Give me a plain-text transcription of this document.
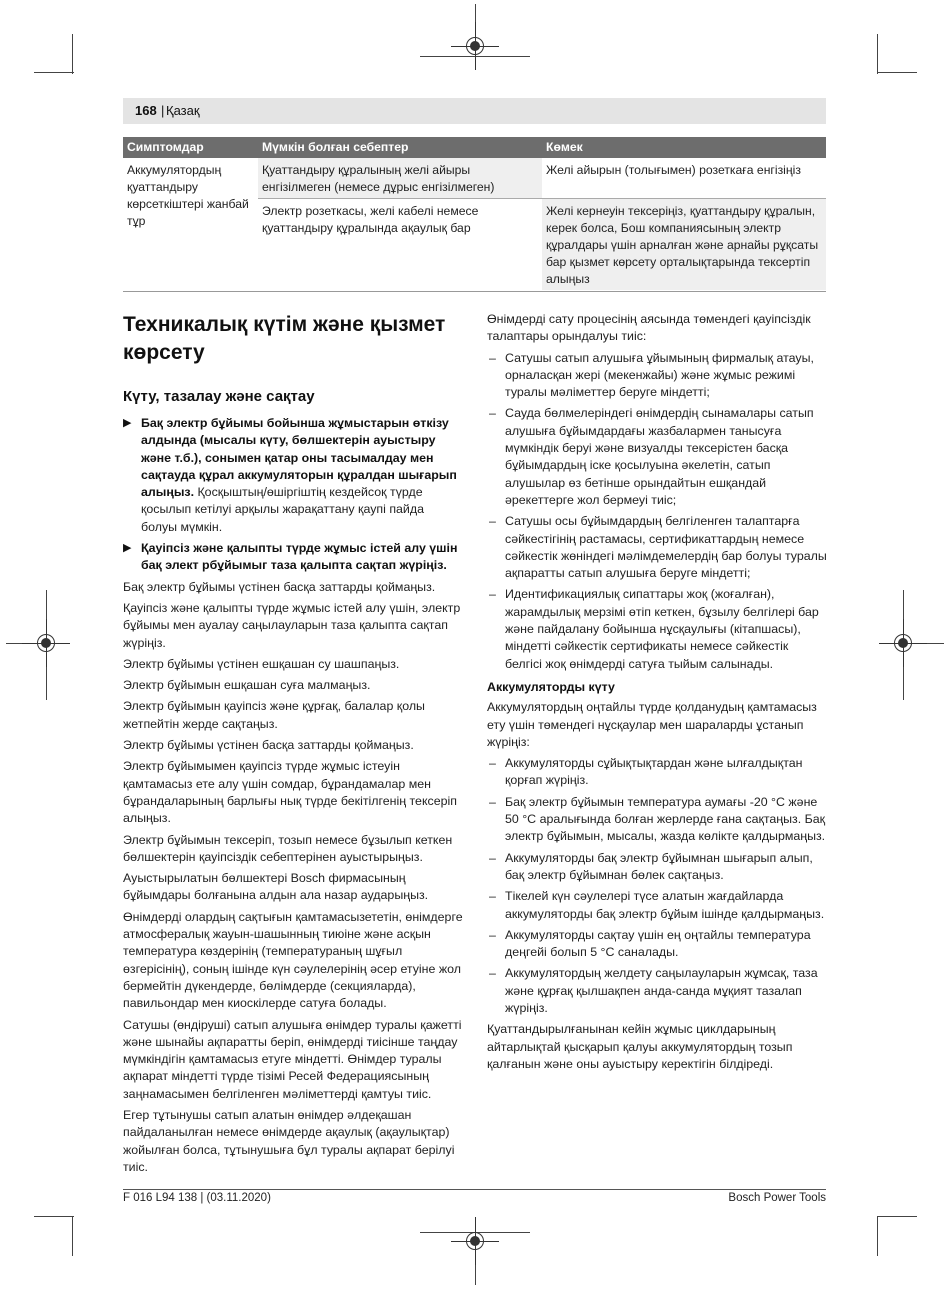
168 | Қазақ
Симптомдар	Мүмкін болған себептер	Көмек
Аккумулятордың қуаттандыру көрсеткіштері жанбай тұр	Қуаттандыру құралының желі айыры енгізілмеген (немесе дұрыс енгізілмеген)	Желі айырын (толығымен) розеткаға енгізіңіз
	Электр розеткасы, желі кабелі немесе қуаттандыру құралында ақаулық бар	Желі кернеуін тексеріңіз, қуаттандыру құралын, керек болса, Бош компаниясының электр құралдары үшін арналған және арнайы рұқсаты бар қызмет көрсету орталықтарында тексертіп алыңыз
Техникалық күтім және қызмет көрсету
Күту, тазалау және сақтау

▶ Бақ электр бұйымы бойынша жұмыстарын өткізу алдында (мысалы күту, бөлшектерін ауыстыру және т.б.), сонымен қатар оны тасымалдау мен сақтауда құрал аккумуляторын құралдан шығарып алыңыз. Қосқыштың/өшіргіштің кездейсоқ түрде қосылып кетілуі арқылы жарақаттану қаупі пайда болуы мүмкін.

▶ Қауіпсіз және қалыпты түрде жұмыс істей алу үшін бақ элект рбұйымыг таза қалыпта сақтап жүріңіз.

Бақ электр бұйымы үстінен басқа заттарды қоймаңыз.

Қауіпсіз және қалыпты түрде жұмыс істей алу үшін, электр бұйымы мен ауалау саңылауларын таза қалыпта сақтап жүріңіз.

Электр бұйымы үстінен ешқашан су шашпаңыз.

Электр бұйымын ешқашан суға малмаңыз.

Электр бұйымын қауіпсіз және құрғақ, балалар қолы жетпейтін жерде сақтаңыз.

Электр бұйымы үстінен басқа заттарды қоймаңыз.

Электр бұйымымен қауіпсіз түрде жұмыс істеуін қамтамасыз ете алу үшін сомдар, бұрандамалар мен бұрандаларының барлығы нық түрде бекітілгенің тексеріп алыңыз.

Электр бұйымын тексеріп, тозып немесе бұзылып кеткен бөлшектерін қауіпсіздік себептерінен ауыстырыңыз.

Ауыстырылатын бөлшектері Bosch фирмасының бұйымдары болғанына алдын ала назар аударыңыз.

Өнімдерді олардың сақтығын қамтамасызететін, өнімдерге атмосфералық жауын-шашынның тиюіне жәнe асқын температура көздерінің (температураның шұғыл өзгерісінің), соның ішінде күн сәулелерінің әсер етуіне жол бермейтін дүкендерде, бөлімдерде (секцияларда), павильондар мен киоскілерде сатуға болады.

Сатушы (өндіруші) сатып алушыға өнімдер туралы қажетті және шынайы ақпаратты беріп, өнімдерді тиісінше таңдау мүмкіндігін қамтамасыз етуге міндетті. Өнімдер туралы ақпарат міндетті түрде тізімі Ресей Федерациясының заңнамасымен белгіленген мәліметтерді қамтуы тиіс.

Егер тұтынушы сатып алатын өнімдер әлдеқашан пайдаланылған немесе өнімдерде ақаулық (ақаулықтар) жойылған болса, тұтынушыға бұл туралы ақпарат берілуі тиіс.

Өнімдерді сату процесінің аясында төмендегі қауіпсіздік талаптары орындалуы тиіс:

– Сатушы сатып алушыға ұйымының фирмалық атауы, орналасқан жері (мекенжайы) және жұмыс режимі туралы мәліметтер беруге міндетті;

– Сауда бөлмелеріндегі өнімдердің сынамалары сатып алушыға бұйымдардағы жазбалармен танысуға мүмкіндік беруі және визуалды тексерістен басқа бұйымдардың іске қосылуына әкелетін, сатып алушылар өз бетінше орындайтын ешқандай әрекеттерге жол бермеуі тиіс;

– Сатушы осы бұйымдардың белгіленген талаптарға сәйкестігінің растамасы, сертификаттардың немесе сәйкестік жөніндегі мәлімдемелердің бар болуы туралы ақпаратты сатып алушыға беруге міндетті;

– Идентификациялық сипаттары жоқ (жоғалған), жарамдылық мерзімі өтіп кеткен, бұзылу белгілері бар және пайдалану бойынша нұсқаулығы (кітапшасы), міндетті сәйкестік сертификаты немесе сәйкестік белгісі жоқ өнімдерді сатуға тыйым салынады.

Аккумуляторды күту

Аккумулятордың оңтайлы түрде қолданудың қамтамасыз ету үшін төмендегі нұсқаулар мен шараларды ұстанып жүріңіз:

– Аккумуляторды сұйықтықтардан және ылғалдықтан қорғап жүріңіз.

– Бақ электр бұйымын температура аумағы -20 °C және 50 °C аралығында болған жерлерде ғана сақтаңыз. Бақ электр бұйымын, мысалы, жазда көлікте қалдырмаңыз.

– Аккумуляторды бақ электр бұйымнан шығарып алып, бақ электр бұйымнан бөлек сақтаңыз.

– Тікелей күн сәулелері түсе алатын жағдайларда аккумуляторды бақ электр бұйым ішінде қалдырмаңыз.

– Аккумуляторды сақтау үшін ең оңтайлы температура деңгейі болып 5 °C саналады.

– Аккумулятордың желдету саңылауларын жұмсақ, таза және құрғақ қылшақпен анда-санда мұқият тазалап жүріңіз.

Қуаттандырылғанынан кейін жұмыс циклдарының айтарлықтай қысқарып қалуы аккумулятордың тозып қалғанын және оны ауыстыру керектігін білдіреді.

F 016 L94 138 | (03.11.2020)	Bosch Power Tools
